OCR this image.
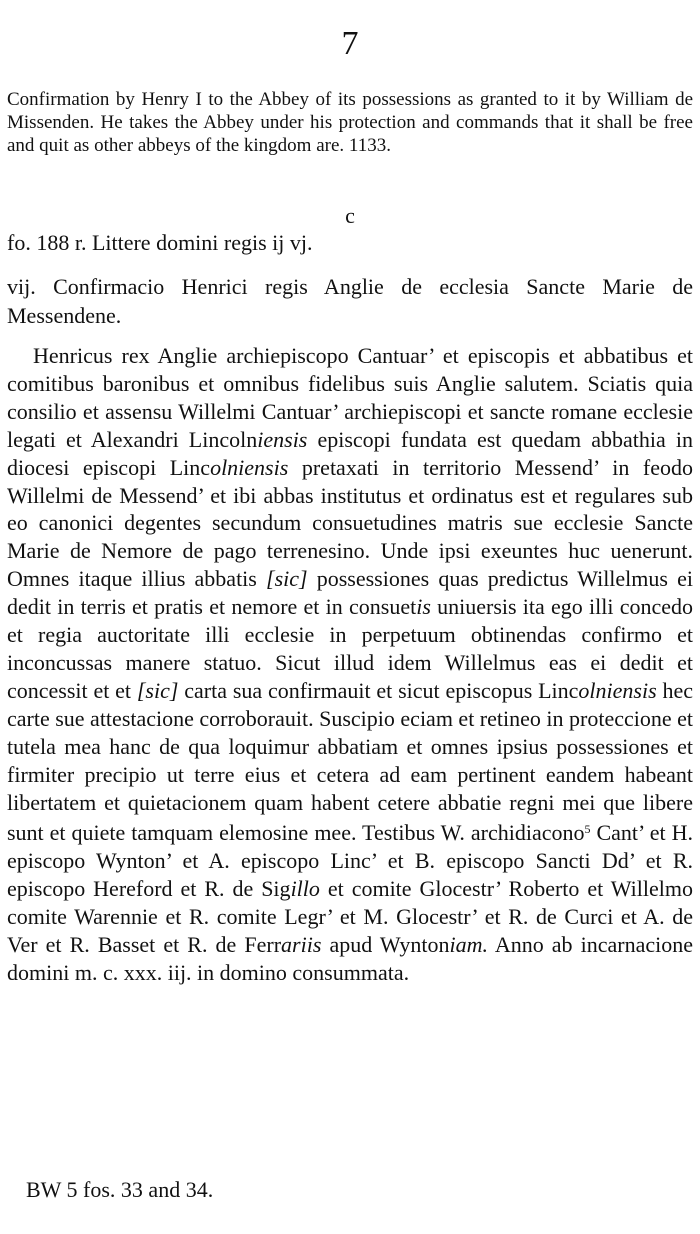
7
Confirmation by Henry I to the Abbey of its possessions as granted to it by William de Missenden. He takes the Abbey under his protection and commands that it shall be free and quit as other abbeys of the kingdom are. 1133.
c
fo. 188 r. Littere domini regis ij vj.
vij. Confirmacio Henrici regis Anglie de ecclesia Sancte Marie de Messendene.

Henricus rex Anglie archiepiscopo Cantuar’ et episcopis et abbatibus et comitibus baronibus et omnibus fidelibus suis Anglie salutem. Sciatis quia consilio et assensu Willelmi Cantuar’ archiepiscopi et sancte romane ecclesie legati et Alexandri Lincolniensis episcopi fundata est quedam abbathia in diocesi episcopi Lincolniensis pretaxati in territorio Messend’ in feodo Willelmi de Messend’ et ibi abbas institutus et ordinatus est et regulares sub eo canonici degentes secundum consuetudines matris sue ecclesie Sancte Marie de Nemore de pago terrenesino. Unde ipsi exeuntes huc uenerunt. Omnes itaque illius abbatis [sic] possessiones quas predictus Willelmus ei dedit in terris et pratis et nemore et in consuetis uniuersis ita ego illi concedo et regia auctoritate illi ecclesie in perpetuum obtinendas confirmo et inconcussas manere statuo. Sicut illud idem Willelmus eas ei dedit et concessit et et [sic] carta sua confirmauit et sicut episcopus Lincolniensis hec carte sue attestacione corroborauit. Suscipio eciam et retineo in proteccione et tutela mea hanc de qua loquimur abbatiam et omnes ipsius possessiones et firmiter precipio ut terre eius et cetera ad eam pertinent eandem habeant libertatem et quietacionem quam habent cetere abbatie regni mei que libere sunt et quiete tamquam elemosine mee. Testibus W. archidiacono$^5$ Cant’ et H. episcopo Wynton’ et A. episcopo Linc’ et B. episcopo Sancti Dd’ et R. episcopo Hereford et R. de Sigillo et comite Glocestr’ Roberto et Willelmo comite Warennie et R. comite Legr’ et M. Glocestr’ et R. de Curci et A. de Ver et R. Basset et R. de Ferrariis apud Wyntoniam. Anno ab incarnacione domini m. c. xxx. iij. in domino consummata.

BW 5 fos. 33 and 34.
